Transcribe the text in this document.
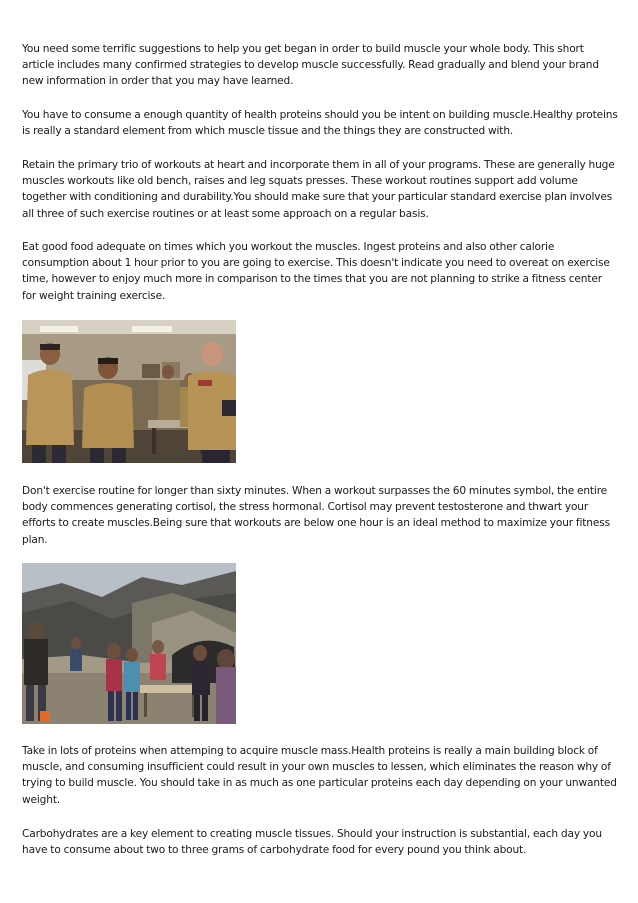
You need some terrific suggestions to help you get began in order to build muscle your whole body. This short article includes many confirmed strategies to develop muscle successfully. Read gradually and blend your brand new information in order that you may have learned.

You have to consume a enough quantity of health proteins should you be intent on building muscle.Healthy proteins is really a standard element from which muscle tissue and the things they are constructed with.

Retain the primary trio of workouts at heart and incorporate them in all of your programs. These are generally huge muscles workouts like old bench, raises and leg squats presses. These workout routines support add volume together with conditioning and durability.You should make sure that your particular standard exercise plan involves all three of such exercise routines or at least some approach on a regular basis.

Eat good food adequate on times which you workout the muscles. Ingest proteins and also other calorie consumption about 1 hour prior to you are going to exercise. This doesn't indicate you need to overeat on exercise time, however to enjoy much more in comparison to the times that you are not planning to strike a fitness center for weight training exercise.

Don't exercise routine for longer than sixty minutes. When a workout surpasses the 60 minutes symbol, the entire body commences generating cortisol, the stress hormonal. Cortisol may prevent testosterone and thwart your efforts to create muscles.Being sure that workouts are below one hour is an ideal method to maximize your fitness plan.

Take in lots of proteins when attemping to acquire muscle mass.Health proteins is really a main building block of muscle, and consuming insufficient could result in your own muscles to lessen, which eliminates the reason why of trying to build muscle. You should take in as much as one particular proteins each day depending on your unwanted weight.

Carbohydrates are a key element to creating muscle tissues. Should your instruction is substantial, each day you have to consume about two to three grams of carbohydrate food for every pound you think about.
